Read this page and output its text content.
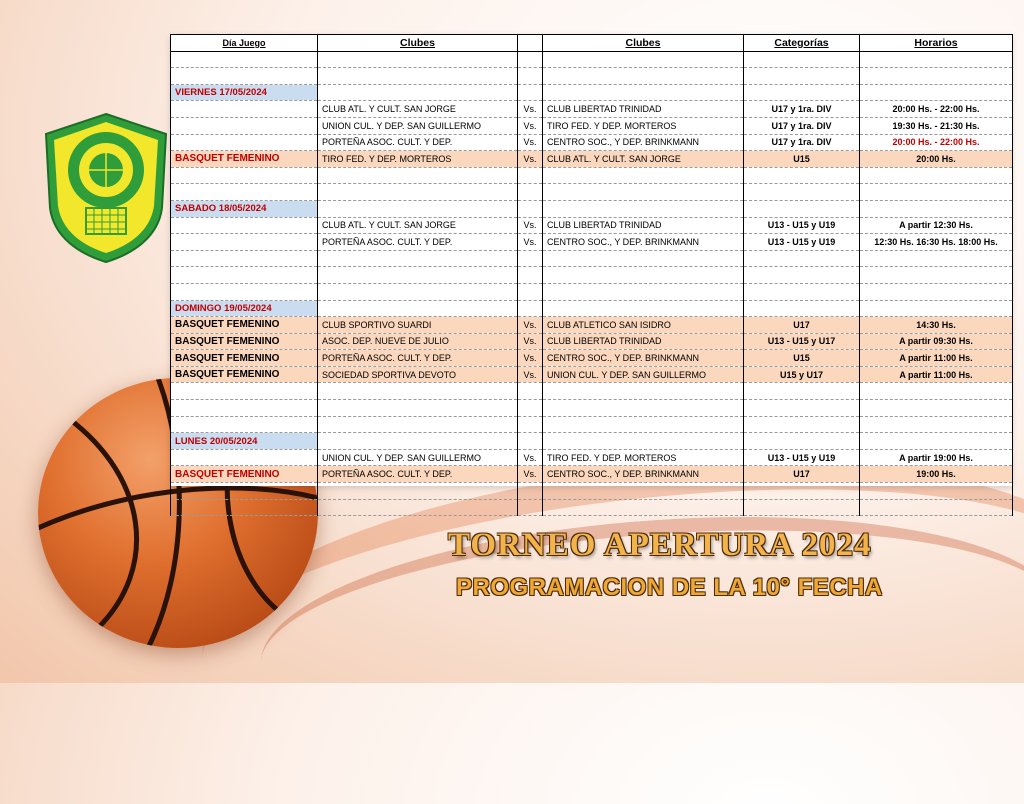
Día Juego	Clubes		Clubes	Categorías	Horarios

VIERNES 17/05/2024					
	CLUB ATL. Y CULT. SAN JORGE	Vs.	CLUB LIBERTAD TRINIDAD	U17 y 1ra. DIV	20:00 Hs. - 22:00 Hs.
	UNION CUL. Y DEP. SAN GUILLERMO	Vs.	TIRO FED. Y DEP. MORTEROS	U17 y 1ra. DIV	19:30 Hs. - 21:30 Hs.
	PORTEÑA ASOC. CULT. Y DEP.	Vs.	CENTRO SOC., Y DEP. BRINKMANN	U17 y 1ra. DIV	20:00 Hs. - 22:00 Hs.
BASQUET FEMENINO	TIRO FED. Y DEP. MORTEROS	Vs.	CLUB ATL. Y CULT. SAN JORGE	U15	20:00 Hs.

SABADO 18/05/2024					
	CLUB ATL. Y CULT. SAN JORGE	Vs.	CLUB LIBERTAD TRINIDAD	U13 - U15 y U19	A partir 12:30 Hs.
	PORTEÑA ASOC. CULT. Y DEP.	Vs.	CENTRO SOC., Y DEP. BRINKMANN	U13 - U15 y U19	12:30 Hs. 16:30 Hs. 18:00 Hs.

DOMINGO 19/05/2024					
BASQUET FEMENINO	CLUB SPORTIVO SUARDI	Vs.	CLUB ATLETICO SAN ISIDRO	U17	14:30 Hs.
BASQUET FEMENINO	ASOC. DEP. NUEVE DE JULIO	Vs.	CLUB LIBERTAD TRINIDAD	U13 - U15 y U17	A partir 09:30 Hs.
BASQUET FEMENINO	PORTEÑA ASOC. CULT. Y DEP.	Vs.	CENTRO SOC., Y DEP. BRINKMANN	U15	A partir 11:00 Hs.
BASQUET FEMENINO	SOCIEDAD SPORTIVA DEVOTO	Vs.	UNION CUL. Y DEP. SAN GUILLERMO	U15 y U17	A partir 11:00 Hs.

LUNES 20/05/2024					
	UNION CUL. Y DEP. SAN GUILLERMO	Vs.	TIRO FED. Y DEP. MORTEROS	U13 - U15 y U19	A partir 19:00 Hs.
BASQUET FEMENINO	PORTEÑA ASOC. CULT. Y DEP.	Vs.	CENTRO SOC., Y DEP. BRINKMANN	U17	19:00 Hs.

TORNEO APERTURA 2024
PROGRAMACION DE LA 10° FECHA
